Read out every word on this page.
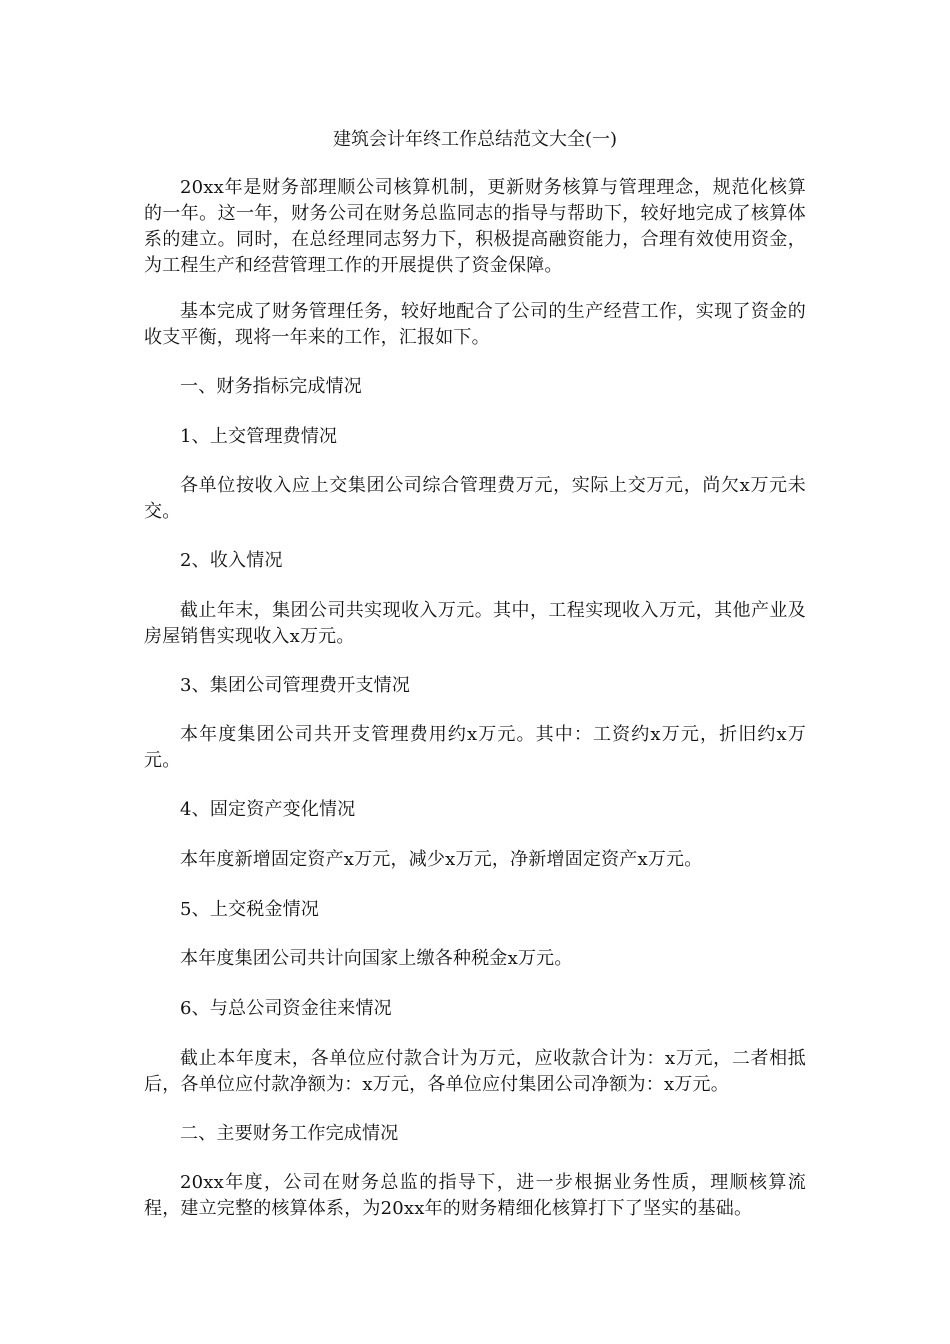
建筑会计年终工作总结范文大全(一)

20xx年是财务部理顺公司核算机制，更新财务核算与管理理念，规范化核算的一年。这一年，财务公司在财务总监同志的指导与帮助下，较好地完成了核算体系的建立。同时，在总经理同志努力下，积极提高融资能力，合理有效使用资金，为工程生产和经营管理工作的开展提供了资金保障。

基本完成了财务管理任务，较好地配合了公司的生产经营工作，实现了资金的收支平衡，现将一年来的工作，汇报如下。

一、财务指标完成情况

1、上交管理费情况

各单位按收入应上交集团公司综合管理费万元，实际上交万元，尚欠x万元未交。

2、收入情况

截止年末，集团公司共实现收入万元。其中，工程实现收入万元，其他产业及房屋销售实现收入x万元。

3、集团公司管理费开支情况

本年度集团公司共开支管理费用约x万元。其中：工资约x万元，折旧约x万元。

4、固定资产变化情况

本年度新增固定资产x万元，减少x万元，净新增固定资产x万元。

5、上交税金情况

本年度集团公司共计向国家上缴各种税金x万元。

6、与总公司资金往来情况

截止本年度末，各单位应付款合计为万元，应收款合计为：x万元，二者相抵后，各单位应付款净额为：x万元，各单位应付集团公司净额为：x万元。

二、主要财务工作完成情况

20xx年度，公司在财务总监的指导下，进一步根据业务性质，理顺核算流程，建立完整的核算体系，为20xx年的财务精细化核算打下了坚实的基础。
